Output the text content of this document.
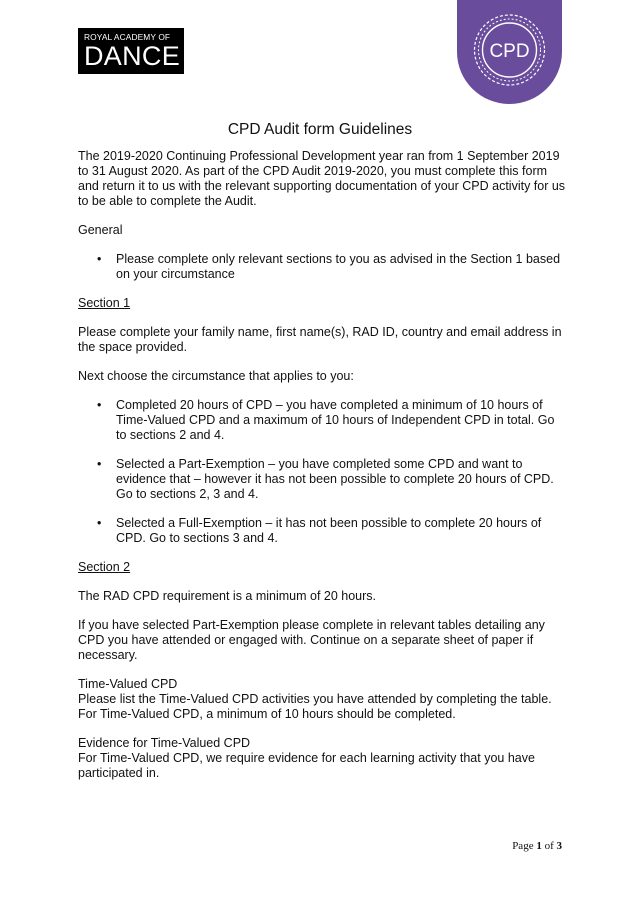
ROYAL ACADEMY OF
DANCE	CPD
CPD Audit form Guidelines

The 2019-2020 Continuing Professional Development year ran from 1 September 2019 to 31 August 2020. As part of the CPD Audit 2019-2020, you must complete this form and return it to us with the relevant supporting documentation of your CPD activity for us to be able to complete the Audit.

General

• Please complete only relevant sections to you as advised in the Section 1 based on your circumstance

Section 1

Please complete your family name, first name(s), RAD ID, country and email address in the space provided.

Next choose the circumstance that applies to you:

• Completed 20 hours of CPD – you have completed a minimum of 10 hours of Time-Valued CPD and a maximum of 10 hours of Independent CPD in total. Go to sections 2 and 4.
• Selected a Part-Exemption – you have completed some CPD and want to evidence that – however it has not been possible to complete 20 hours of CPD. Go to sections 2, 3 and 4.
• Selected a Full-Exemption – it has not been possible to complete 20 hours of CPD. Go to sections 3 and 4.

Section 2

The RAD CPD requirement is a minimum of 20 hours.

If you have selected Part-Exemption please complete in relevant tables detailing any CPD you have attended or engaged with. Continue on a separate sheet of paper if necessary.

Time-Valued CPD

Please list the Time-Valued CPD activities you have attended by completing the table. For Time-Valued CPD, a minimum of 10 hours should be completed.

Evidence for Time-Valued CPD

For Time-Valued CPD, we require evidence for each learning activity that you have participated in.

Page 1 of 3
